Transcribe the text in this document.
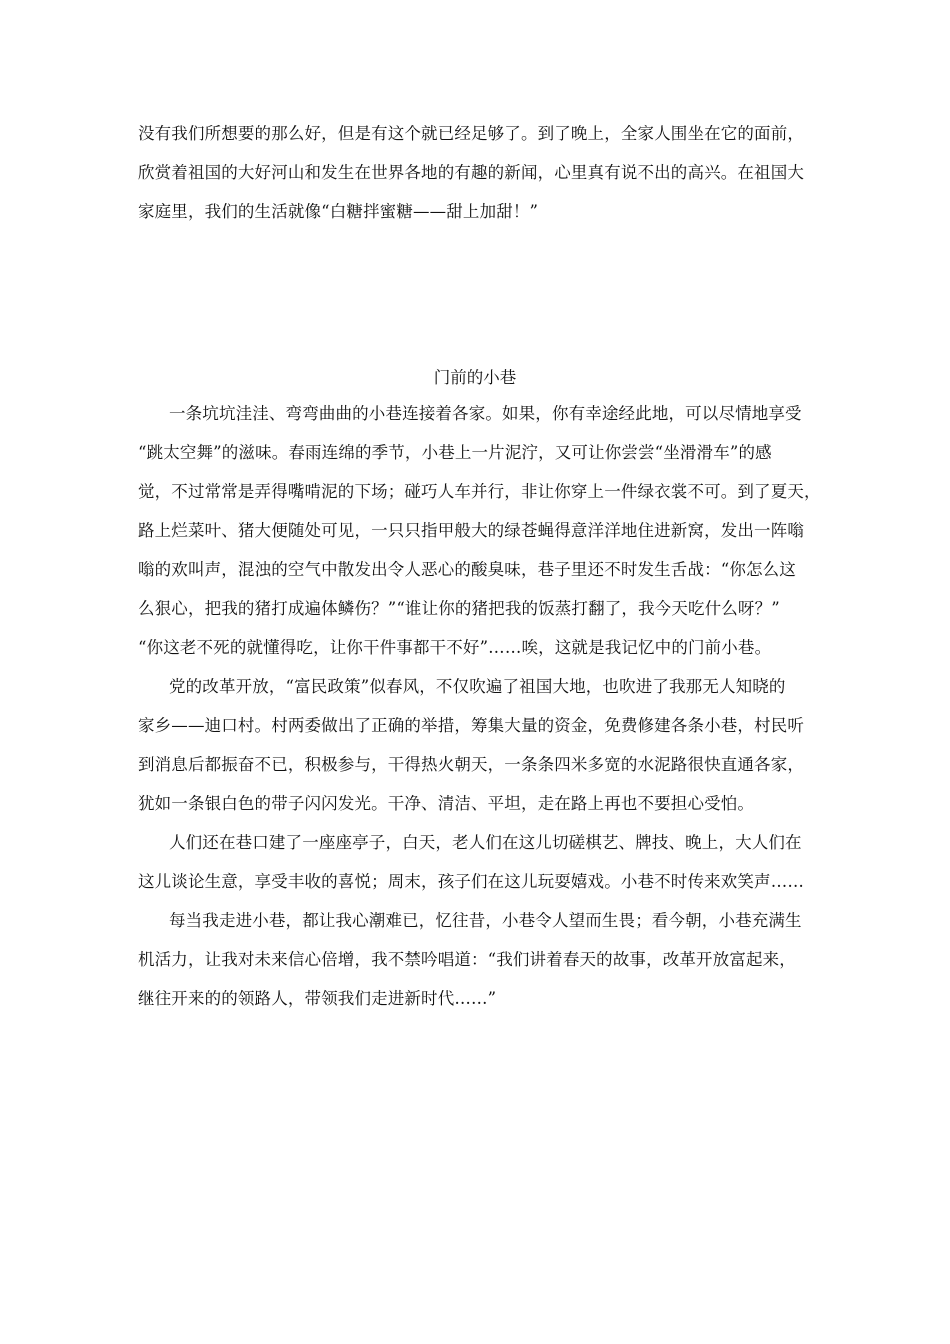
没有我们所想要的那么好，但是有这个就已经足够了。到了晚上，全家人围坐在它的面前，
欣赏着祖国的大好河山和发生在世界各地的有趣的新闻，心里真有说不出的高兴。在祖国大
家庭里，我们的生活就像“白糖拌蜜糖——甜上加甜！”
门前的小巷
一条坑坑洼洼、弯弯曲曲的小巷连接着各家。如果，你有幸途经此地，可以尽情地享受
“跳太空舞”的滋味。春雨连绵的季节，小巷上一片泥泞，又可让你尝尝“坐滑滑车”的感
觉，不过常常是弄得嘴啃泥的下场；碰巧人车并行，非让你穿上一件绿衣裳不可。到了夏天，
路上烂菜叶、猪大便随处可见，一只只指甲般大的绿苍蝇得意洋洋地住进新窝，发出一阵嗡
嗡的欢叫声，混浊的空气中散发出令人恶心的酸臭味，巷子里还不时发生舌战：“你怎么这
么狠心，把我的猪打成遍体鳞伤？”“谁让你的猪把我的饭蒸打翻了，我今天吃什么呀？”
“你这老不死的就懂得吃，让你干件事都干不好”……唉，这就是我记忆中的门前小巷。
党的改革开放，“富民政策”似春风，不仅吹遍了祖国大地，也吹进了我那无人知晓的
家乡——迪口村。村两委做出了正确的举措，筹集大量的资金，免费修建各条小巷，村民听
到消息后都振奋不已，积极参与，干得热火朝天，一条条四米多宽的水泥路很快直通各家，
犹如一条银白色的带子闪闪发光。干净、清洁、平坦，走在路上再也不要担心受怕。
人们还在巷口建了一座座亭子，白天，老人们在这儿切磋棋艺、牌技、晚上，大人们在
这儿谈论生意，享受丰收的喜悦；周末，孩子们在这儿玩耍嬉戏。小巷不时传来欢笑声……
每当我走进小巷，都让我心潮难已，忆往昔，小巷令人望而生畏；看今朝，小巷充满生
机活力，让我对未来信心倍增，我不禁吟唱道：“我们讲着春天的故事，改革开放富起来，
继往开来的的领路人，带领我们走进新时代……”
